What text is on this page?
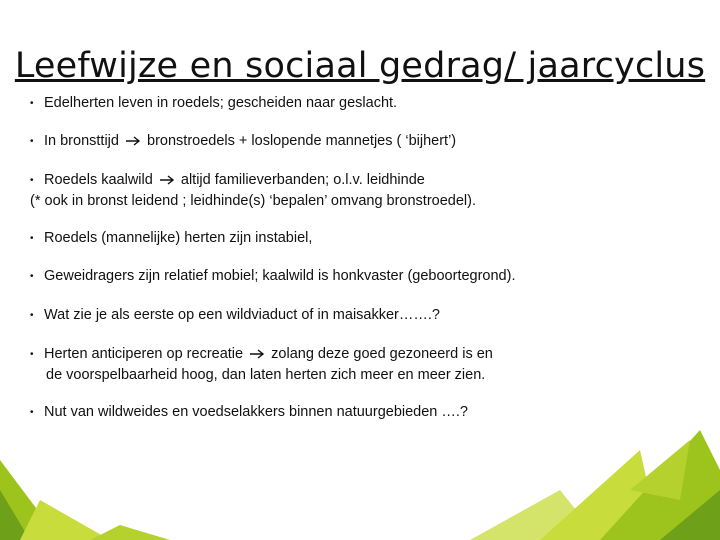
Leefwijze en sociaal gedrag/ jaarcyclus
• Edelherten leven in roedels; gescheiden naar geslacht.
• In bronsttijd bronstroedels + loslopende mannetjes ( ‘bijhert’)
• Roedels kaalwild altijd familieverbanden; o.l.v. leidhinde
(* ook in bronst leidend ; leidhinde(s) ‘bepalen’ omvang bronstroedel).
• Roedels (mannelijke) herten zijn instabiel,
• Geweidragers zijn relatief mobiel; kaalwild is honkvaster (geboortegrond).
• Wat zie je als eerste op een wildviaduct of in maisakker…….?
• Herten anticiperen op recreatie zolang deze goed gezoneerd is en
de voorspelbaarheid hoog, dan laten herten zich meer en meer zien.
• Nut van wildweides en voedselakkers binnen natuurgebieden ….?
